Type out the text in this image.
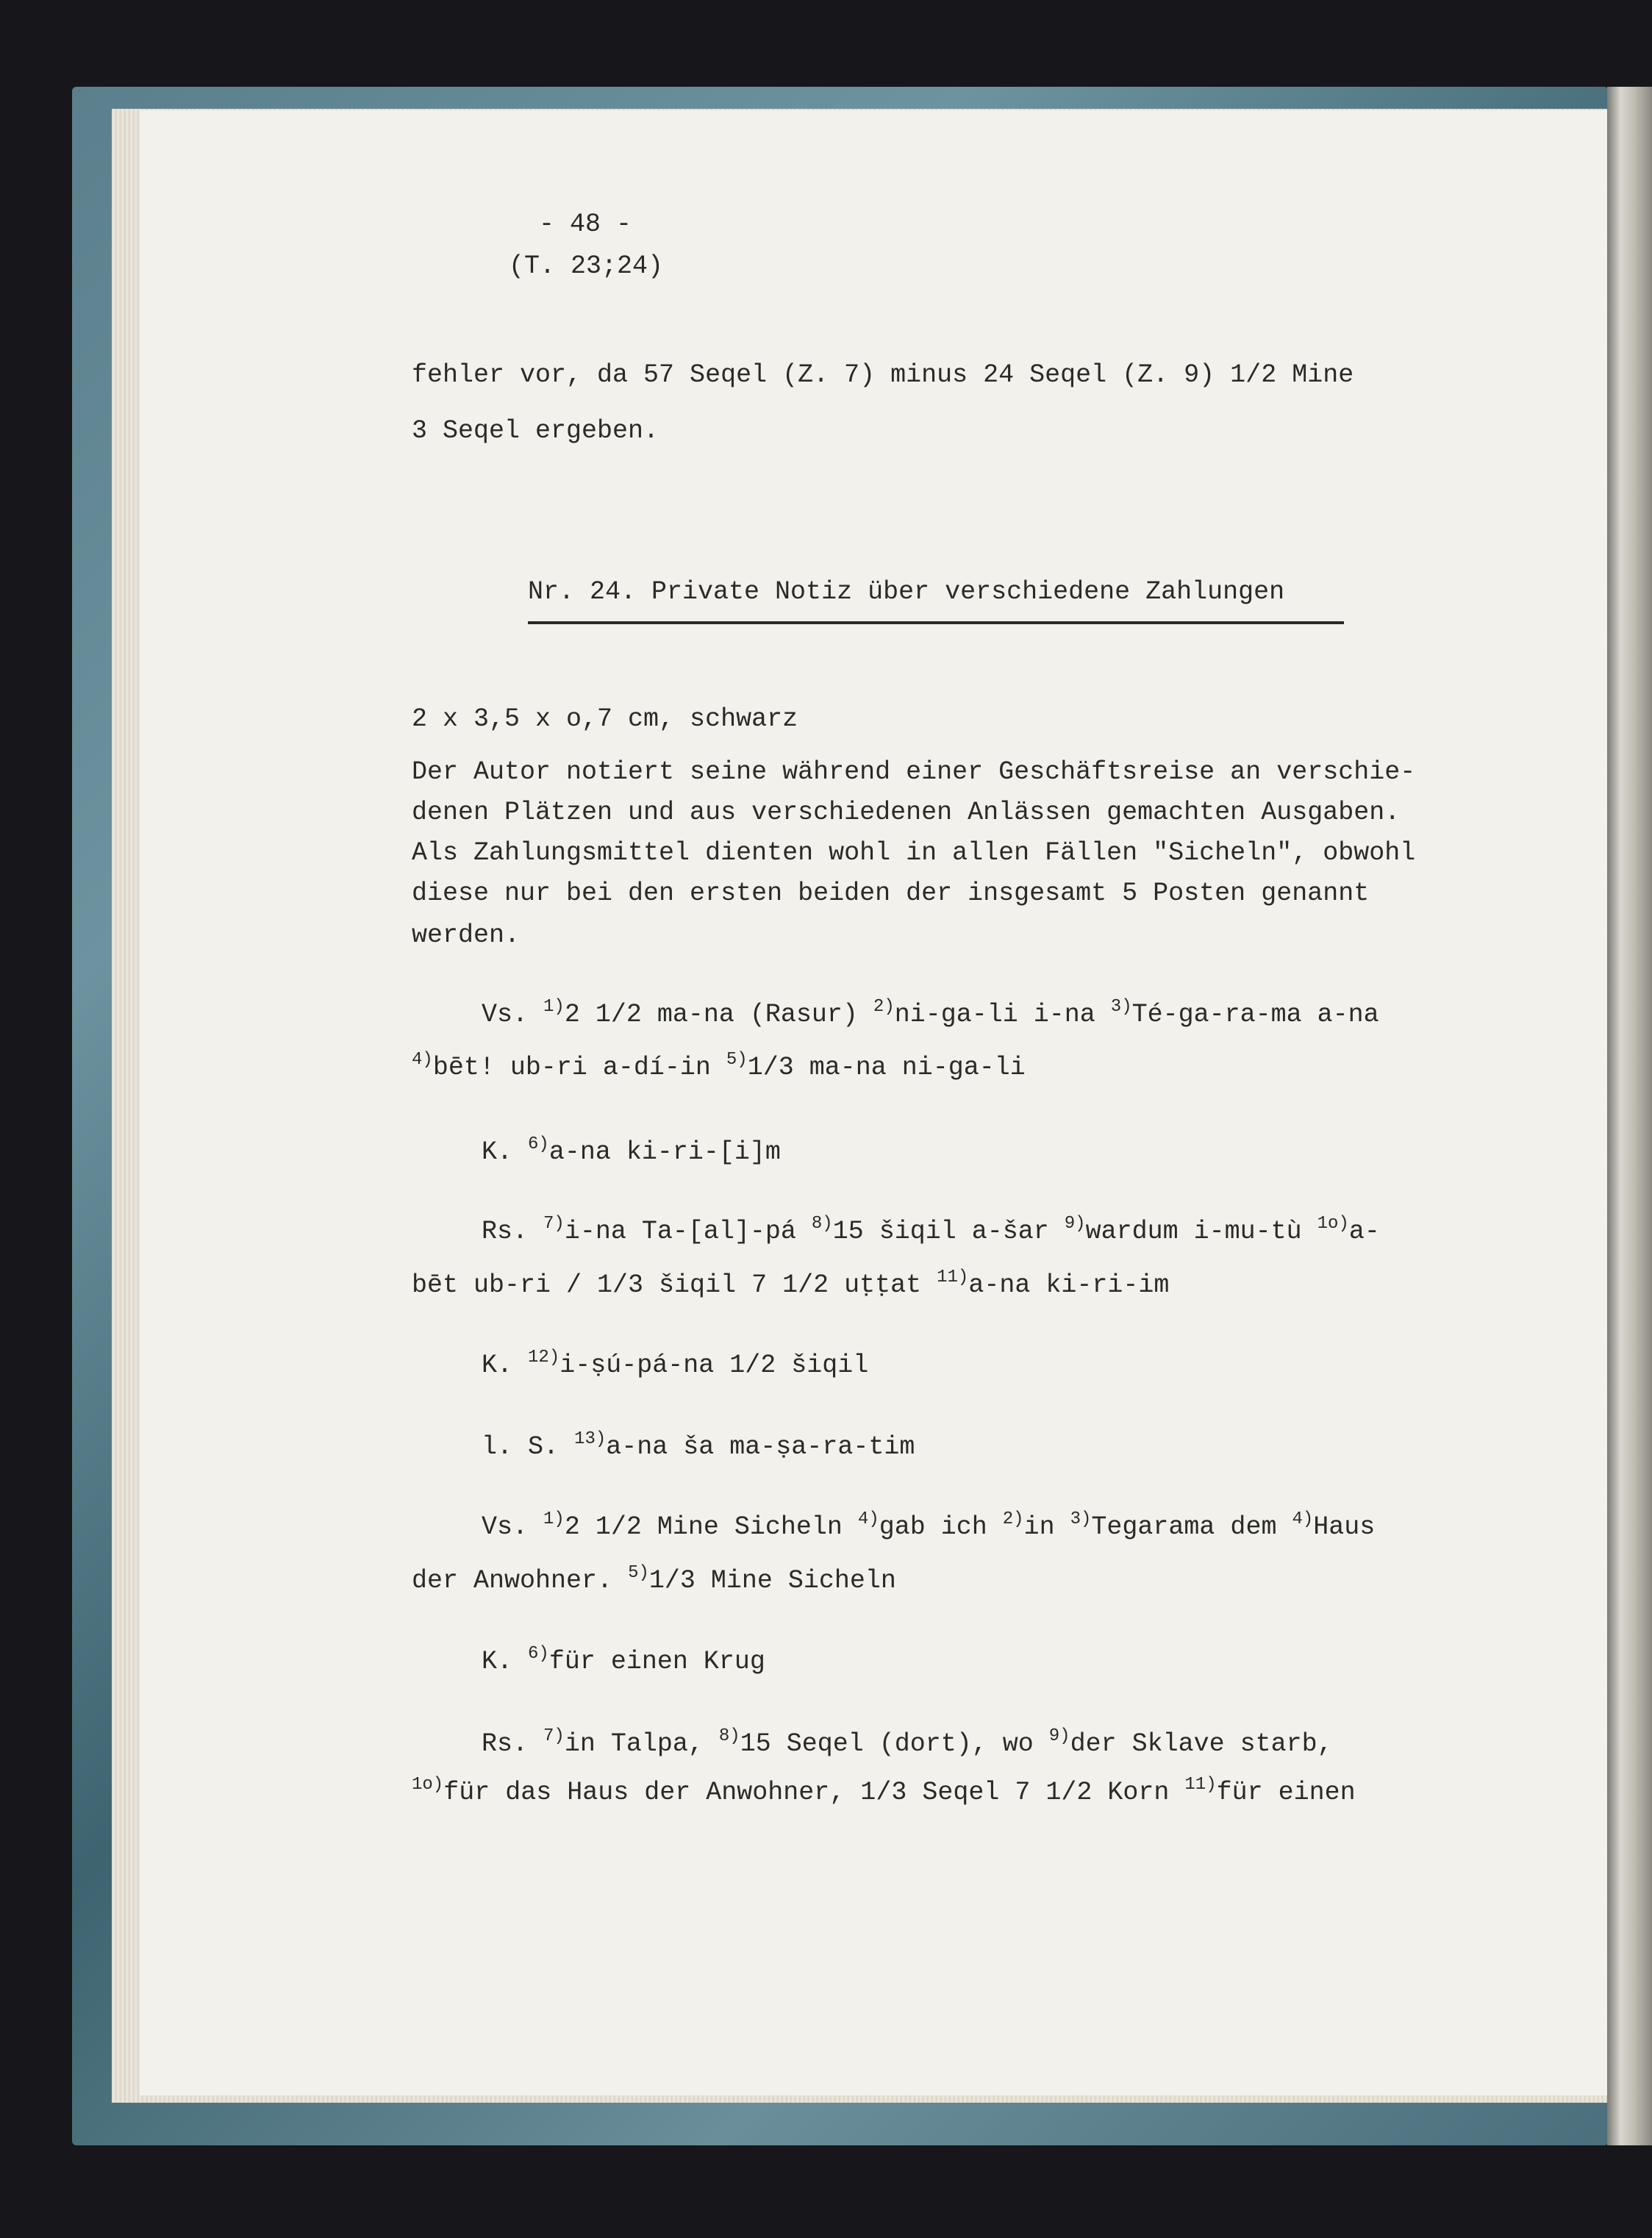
- 48 -
(T. 23;24)
fehler vor, da 57 Seqel (Z. 7) minus 24 Seqel (Z. 9) 1/2 Mine
3 Seqel ergeben.
Nr. 24. Private Notiz über verschiedene Zahlungen
2 x 3,5 x o,7 cm, schwarz
Der Autor notiert seine während einer Geschäftsreise an verschie-
denen Plätzen und aus verschiedenen Anlässen gemachten Ausgaben.
Als Zahlungsmittel dienten wohl in allen Fällen "Sicheln", obwohl
diese nur bei den ersten beiden der insgesamt 5 Posten genannt
werden.
Vs. $^{1)}$2 1/2 ma-na (Rasur) $^{2)}$ni-ga-li i-na $^{3)}$Té-ga-ra-ma a-na
$^{4)}$bēt! ub-ri a-dí-in $^{5)}$1/3 ma-na ni-ga-li
K. $^{6)}$a-na ki-ri-[i]m
Rs. $^{7)}$i-na Ta-[al]-pá $^{8)}$15 šiqil a-šar $^{9)}$wardum i-mu-tù $^{1o)}$a-
bēt ub-ri / 1/3 šiqil 7 1/2 uṭṭat $^{11)}$a-na ki-ri-im
K. $^{12)}$i-ṣú-pá-na 1/2 šiqil
l. S. $^{13)}$a-na ša ma-ṣa-ra-tim
Vs. $^{1)}$2 1/2 Mine Sicheln $^{4)}$gab ich $^{2)}$in $^{3)}$Tegarama dem $^{4)}$Haus
der Anwohner. $^{5)}$1/3 Mine Sicheln
K. $^{6)}$für einen Krug
Rs. $^{7)}$in Talpa, $^{8)}$15 Seqel (dort), wo $^{9)}$der Sklave starb,
$^{1o)}$für das Haus der Anwohner, 1/3 Seqel 7 1/2 Korn $^{11)}$für einen
